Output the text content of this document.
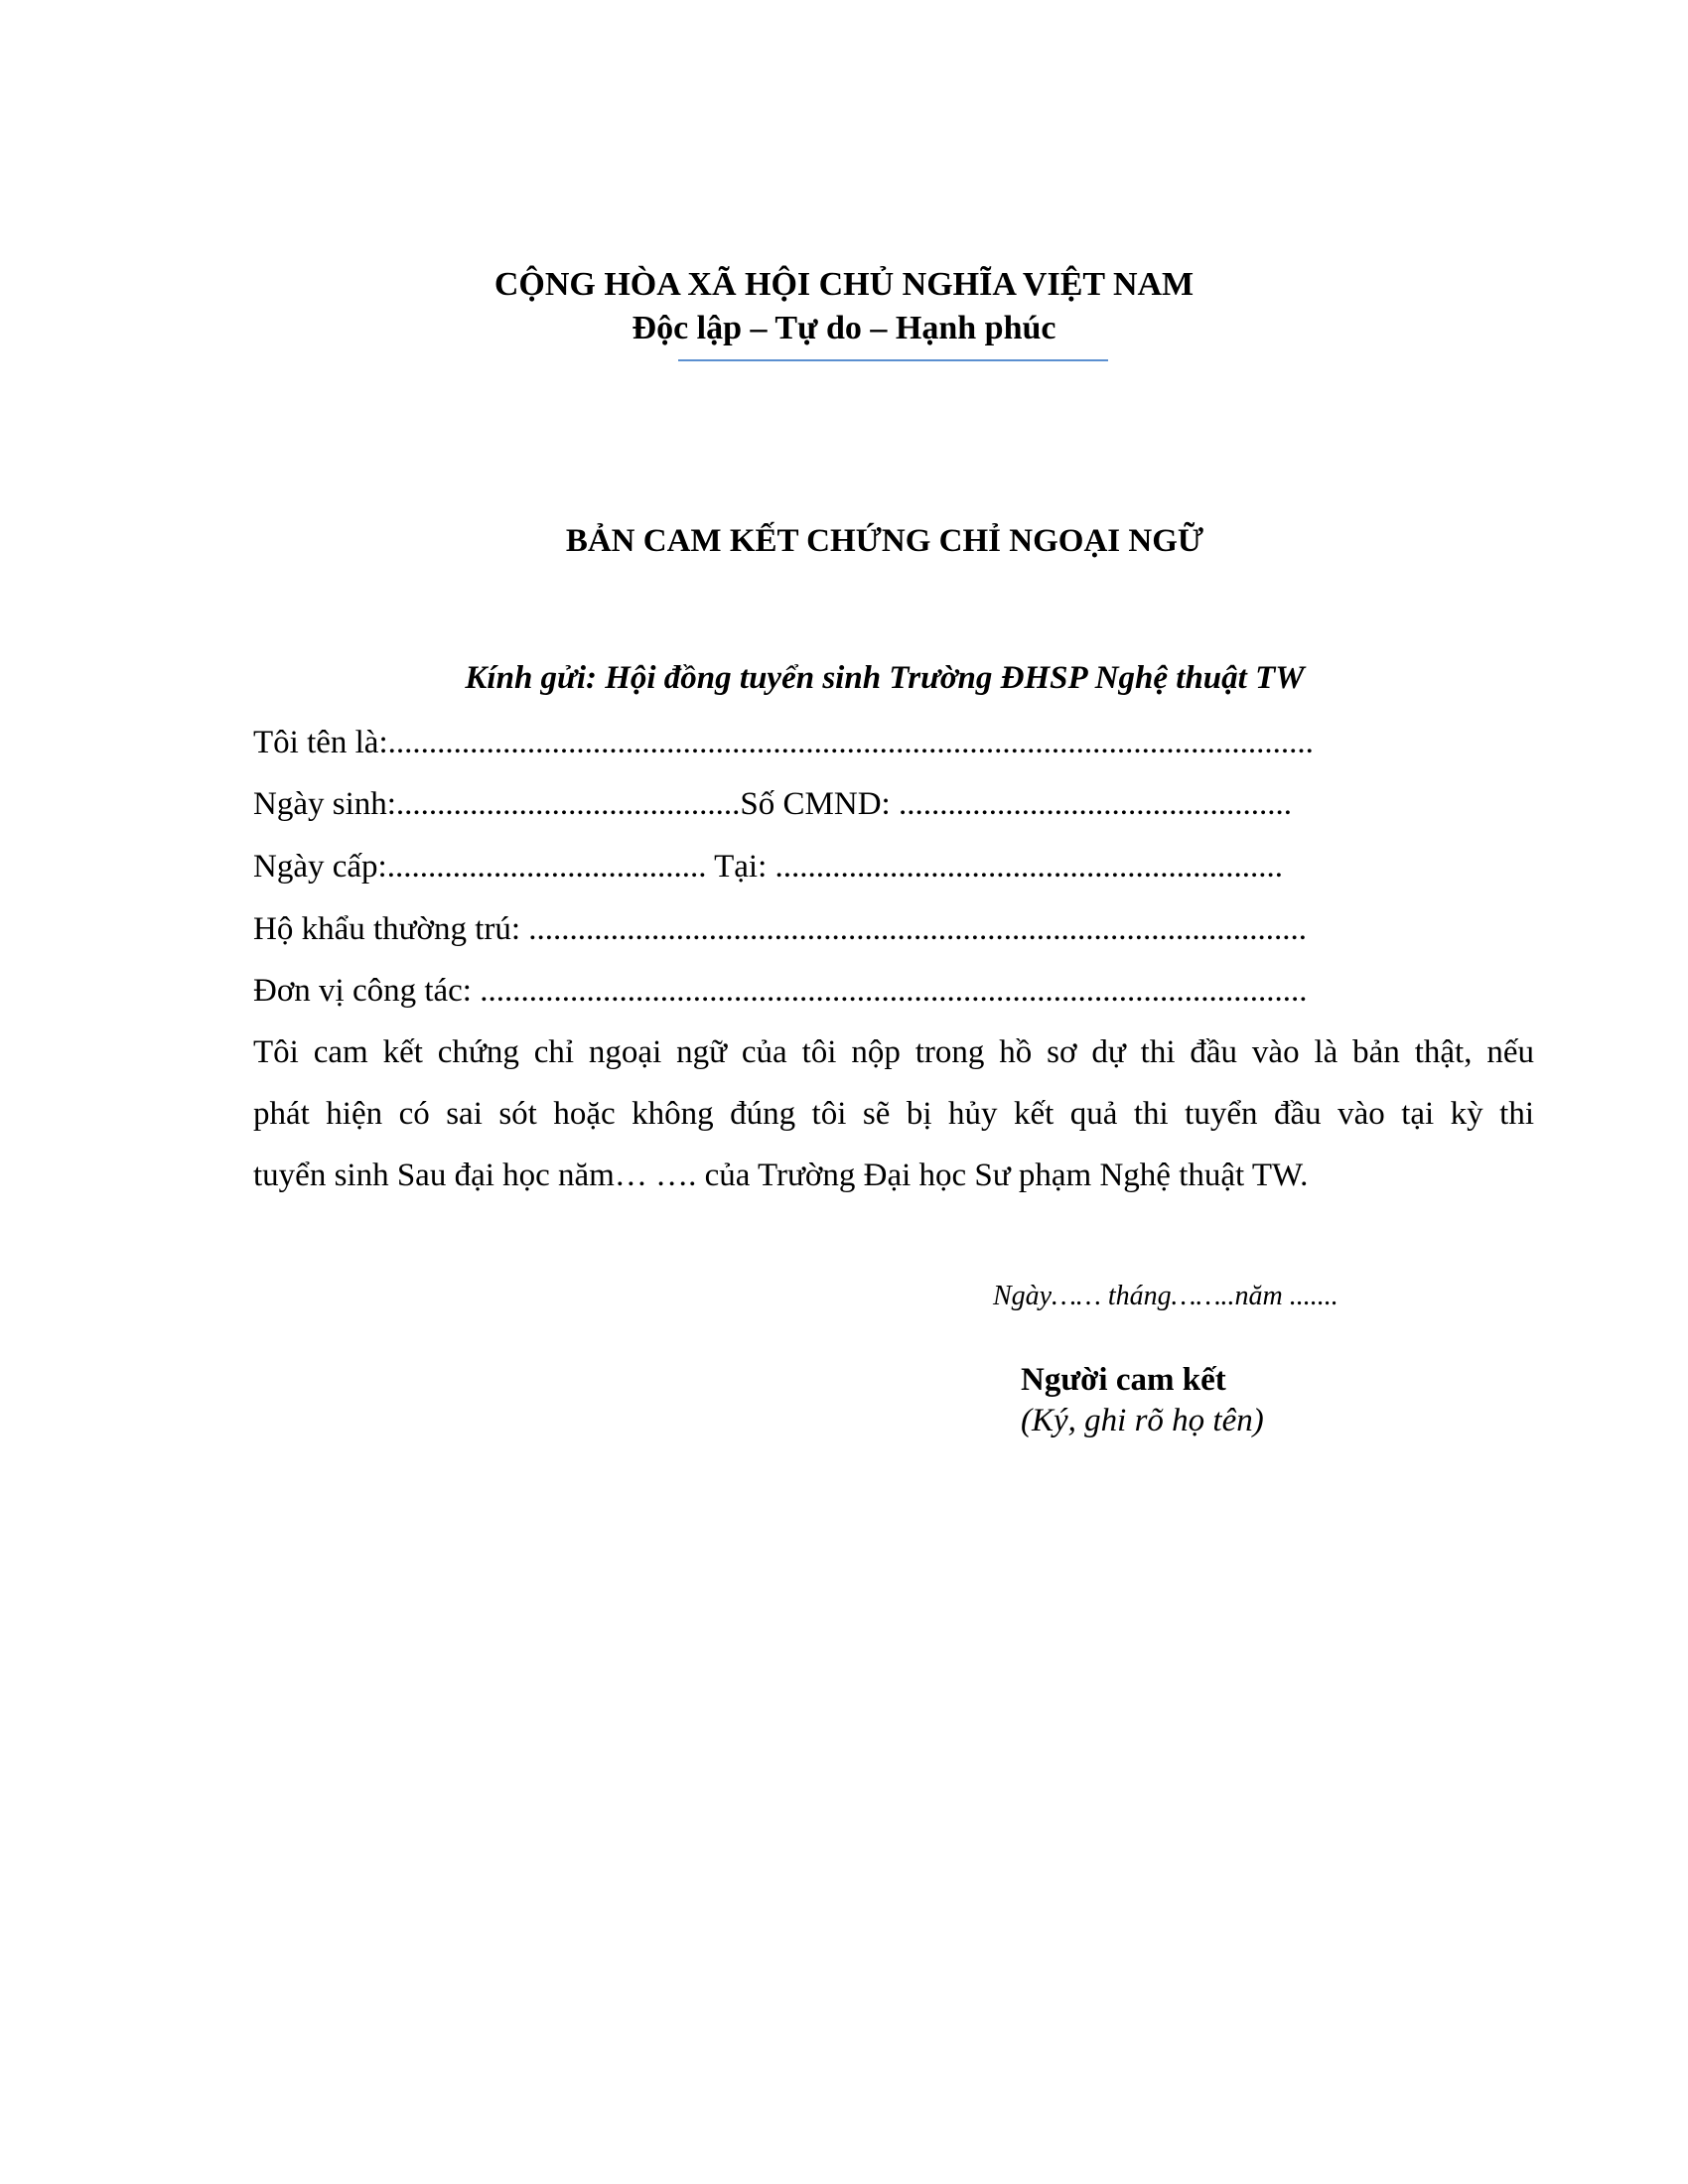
CỘNG HÒA XÃ HỘI CHỦ NGHĨA VIỆT NAM
Độc lập – Tự do – Hạnh phúc
BẢN CAM KẾT CHỨNG CHỈ NGOẠI NGỮ
Kính gửi: Hội đồng tuyển sinh Trường ĐHSP Nghệ thuật TW
Tôi tên là:.................................................................................................................
Ngày sinh:..........................................Số CMND: ................................................
Ngày cấp:....................................... Tại: ..............................................................
Hộ khẩu thường trú: ...............................................................................................
Đơn vị công tác: .....................................................................................................
Tôi cam kết chứng chỉ ngoại ngữ của tôi nộp trong hồ sơ dự thi đầu vào là bản thật, nếu
phát hiện có sai sót hoặc không đúng tôi sẽ bị hủy kết quả thi tuyển đầu vào tại kỳ thi
tuyển sinh Sau đại học năm… …. của Trường Đại học Sư phạm Nghệ thuật TW.
Ngày…… tháng……..năm .......
Người cam kết
(Ký, ghi rõ họ tên)
